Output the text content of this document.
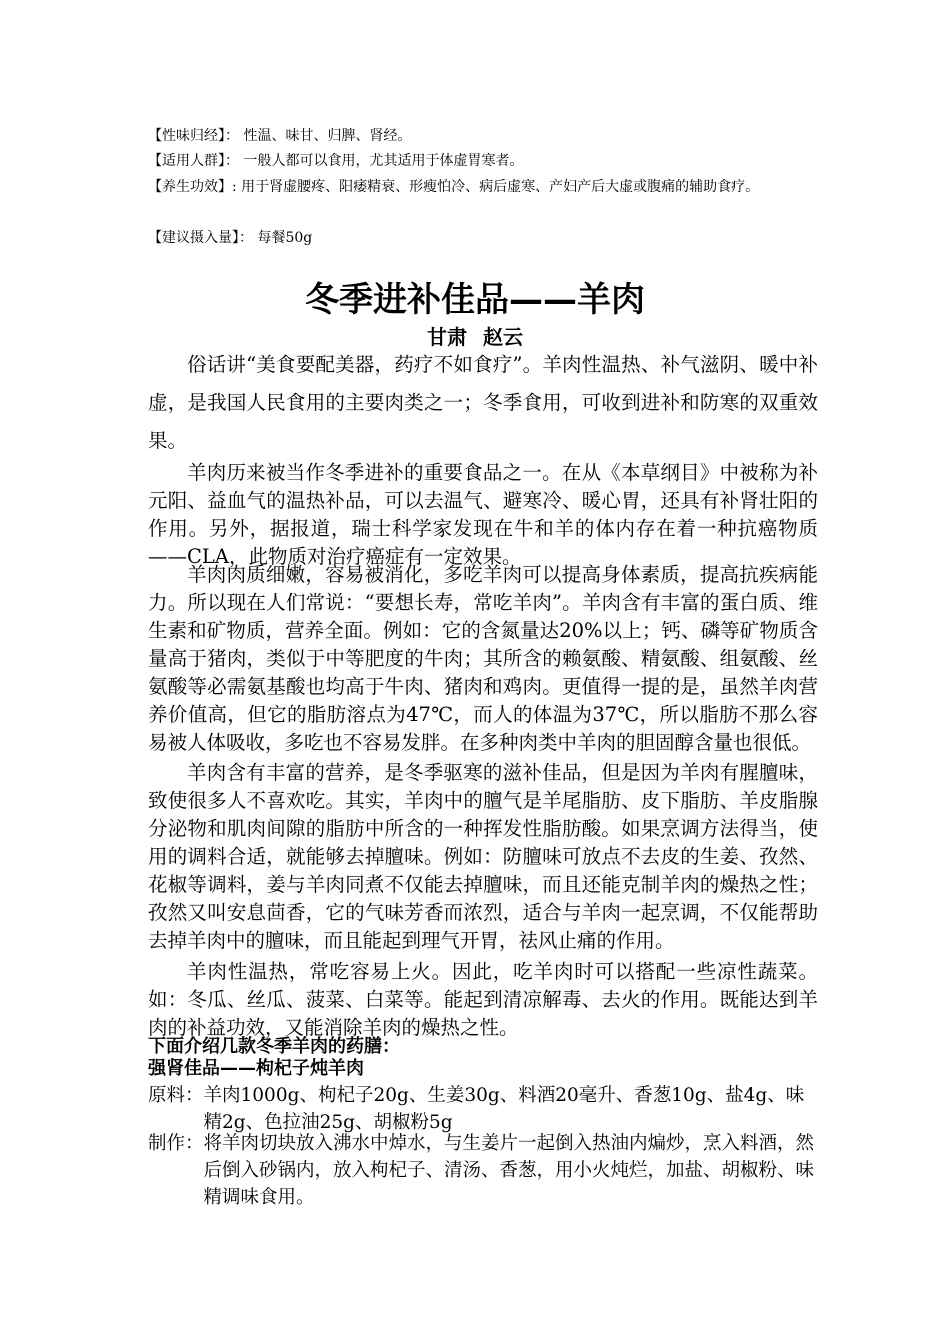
【性味归经】： 性温、味甘、归脾、肾经。
【适用人群】： 一般人都可以食用，尤其适用于体虚胃寒者。
【养生功效】: 用于肾虚腰疼、阳痿精衰、形瘦怕冷、病后虚寒、产妇产后大虚或腹痛的辅助食疗。
【建议摄入量】： 每餐50g
冬季进补佳品——羊肉
甘肃 赵云

俗话讲“美食要配美器，药疗不如食疗”。羊肉性温热、补气滋阴、暖中补虚，是我国人民食用的主要肉类之一；冬季食用，可收到进补和防寒的双重效果。

羊肉历来被当作冬季进补的重要食品之一。在从《本草纲目》中被称为补元阳、益血气的温热补品，可以去温气、避寒冷、暖心胃，还具有补肾壮阳的作用。另外，据报道，瑞士科学家发现在牛和羊的体内存在着一种抗癌物质——CLA，此物质对治疗癌症有一定效果。

羊肉肉质细嫩，容易被消化，多吃羊肉可以提高身体素质，提高抗疾病能力。所以现在人们常说：“要想长寿，常吃羊肉”。羊肉含有丰富的蛋白质、维生素和矿物质，营养全面。例如：它的含氮量达20%以上；钙、磷等矿物质含量高于猪肉，类似于中等肥度的牛肉；其所含的赖氨酸、精氨酸、组氨酸、丝氨酸等必需氨基酸也均高于牛肉、猪肉和鸡肉。更值得一提的是，虽然羊肉营养价值高，但它的脂肪溶点为47℃，而人的体温为37℃，所以脂肪不那么容易被人体吸收，多吃也不容易发胖。在多种肉类中羊肉的胆固醇含量也很低。

羊肉含有丰富的营养，是冬季驱寒的滋补佳品，但是因为羊肉有腥膻味，致使很多人不喜欢吃。其实，羊肉中的膻气是羊尾脂肪、皮下脂肪、羊皮脂腺分泌物和肌肉间隙的脂肪中所含的一种挥发性脂肪酸。如果烹调方法得当，使用的调料合适，就能够去掉膻味。例如：防膻味可放点不去皮的生姜、孜然、花椒等调料，姜与羊肉同煮不仅能去掉膻味，而且还能克制羊肉的燥热之性；孜然又叫安息茴香，它的气味芳香而浓烈，适合与羊肉一起烹调，不仅能帮助去掉羊肉中的膻味，而且能起到理气开胃，祛风止痛的作用。

羊肉性温热，常吃容易上火。因此，吃羊肉时可以搭配一些凉性蔬菜。如：冬瓜、丝瓜、菠菜、白菜等。能起到清凉解毒、去火的作用。既能达到羊肉的补益功效，又能消除羊肉的燥热之性。

下面介绍几款冬季羊肉的药膳：
强肾佳品——枸杞子炖羊肉
原料： 羊肉1000g、枸杞子20g、生姜30g、料酒20毫升、香葱10g、盐4g、味精2g、色拉油25g、胡椒粉5g
制作： 将羊肉切块放入沸水中焯水，与生姜片一起倒入热油内煸炒，烹入料酒，然后倒入砂锅内，放入枸杞子、清汤、香葱，用小火炖烂，加盐、胡椒粉、味精调味食用。
